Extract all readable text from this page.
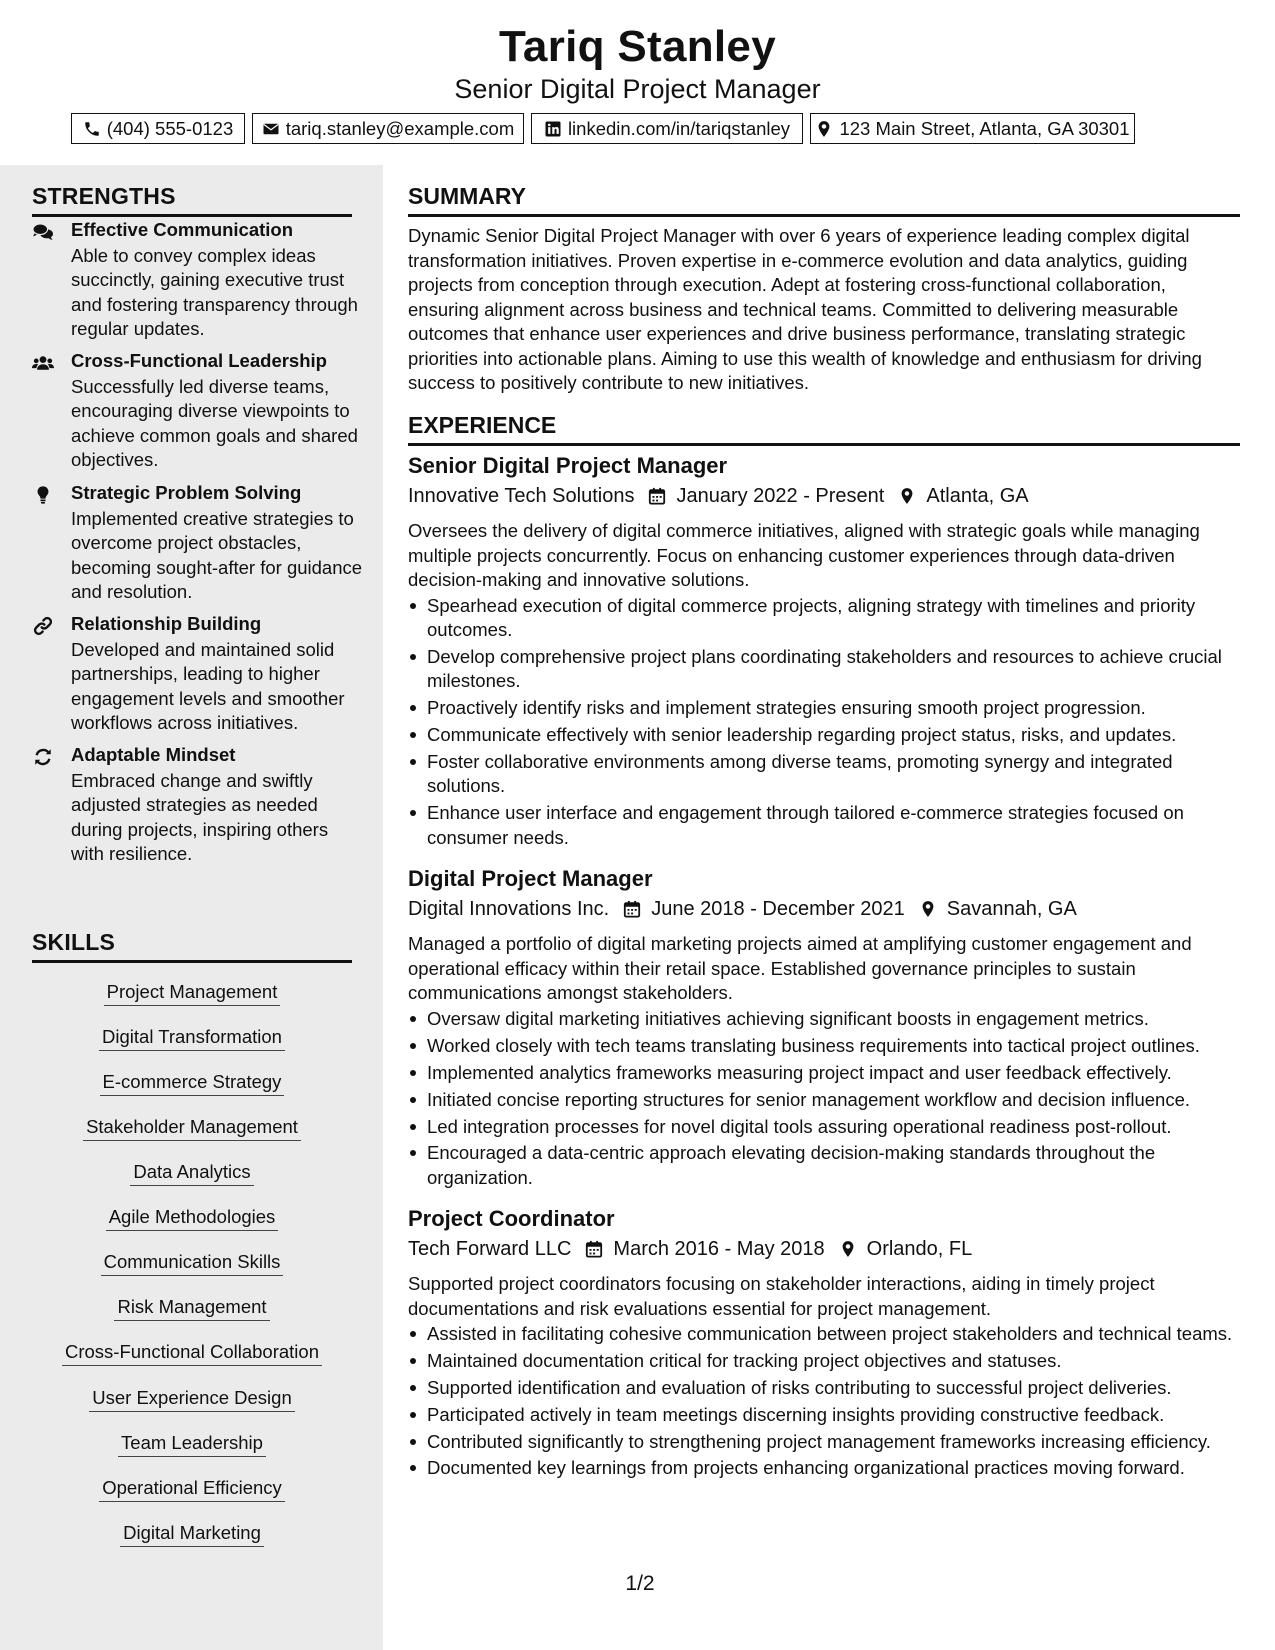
Tariq Stanley
Senior Digital Project Manager
(404) 555-0123	tariq.stanley@example.com	linkedin.com/in/tariqstanley	123 Main Street, Atlanta, GA 30301
STRENGTHS
Effective Communication
Able to convey complex ideas succinctly, gaining executive trust and fostering transparency through regular updates.
Cross-Functional Leadership
Successfully led diverse teams, encouraging diverse viewpoints to achieve common goals and shared objectives.
Strategic Problem Solving
Implemented creative strategies to overcome project obstacles, becoming sought-after for guidance and resolution.
Relationship Building
Developed and maintained solid partnerships, leading to higher engagement levels and smoother workflows across initiatives.
Adaptable Mindset
Embraced change and swiftly adjusted strategies as needed during projects, inspiring others with resilience.
SKILLS
Project Management
Digital Transformation
E-commerce Strategy
Stakeholder Management
Data Analytics
Agile Methodologies
Communication Skills
Risk Management
Cross-Functional Collaboration
User Experience Design
Team Leadership
Operational Efficiency
Digital Marketing
SUMMARY
Dynamic Senior Digital Project Manager with over 6 years of experience leading complex digital transformation initiatives. Proven expertise in e-commerce evolution and data analytics, guiding projects from conception through execution. Adept at fostering cross-functional collaboration, ensuring alignment across business and technical teams. Committed to delivering measurable outcomes that enhance user experiences and drive business performance, translating strategic priorities into actionable plans. Aiming to use this wealth of knowledge and enthusiasm for driving success to positively contribute to new initiatives.
EXPERIENCE
Senior Digital Project Manager
Innovative Tech Solutions January 2022 - Present Atlanta, GA
Oversees the delivery of digital commerce initiatives, aligned with strategic goals while managing multiple projects concurrently. Focus on enhancing customer experiences through data-driven decision-making and innovative solutions.
Spearhead execution of digital commerce projects, aligning strategy with timelines and priority outcomes.
Develop comprehensive project plans coordinating stakeholders and resources to achieve crucial milestones.
Proactively identify risks and implement strategies ensuring smooth project progression.
Communicate effectively with senior leadership regarding project status, risks, and updates.
Foster collaborative environments among diverse teams, promoting synergy and integrated solutions.
Enhance user interface and engagement through tailored e-commerce strategies focused on consumer needs.
Digital Project Manager
Digital Innovations Inc. June 2018 - December 2021 Savannah, GA
Managed a portfolio of digital marketing projects aimed at amplifying customer engagement and operational efficacy within their retail space. Established governance principles to sustain communications amongst stakeholders.
Oversaw digital marketing initiatives achieving significant boosts in engagement metrics.
Worked closely with tech teams translating business requirements into tactical project outlines.
Implemented analytics frameworks measuring project impact and user feedback effectively.
Initiated concise reporting structures for senior management workflow and decision influence.
Led integration processes for novel digital tools assuring operational readiness post-rollout.
Encouraged a data-centric approach elevating decision-making standards throughout the organization.
Project Coordinator
Tech Forward LLC March 2016 - May 2018 Orlando, FL
Supported project coordinators focusing on stakeholder interactions, aiding in timely project documentations and risk evaluations essential for project management.
Assisted in facilitating cohesive communication between project stakeholders and technical teams.
Maintained documentation critical for tracking project objectives and statuses.
Supported identification and evaluation of risks contributing to successful project deliveries.
Participated actively in team meetings discerning insights providing constructive feedback.
Contributed significantly to strengthening project management frameworks increasing efficiency.
Documented key learnings from projects enhancing organizational practices moving forward.
1/2
